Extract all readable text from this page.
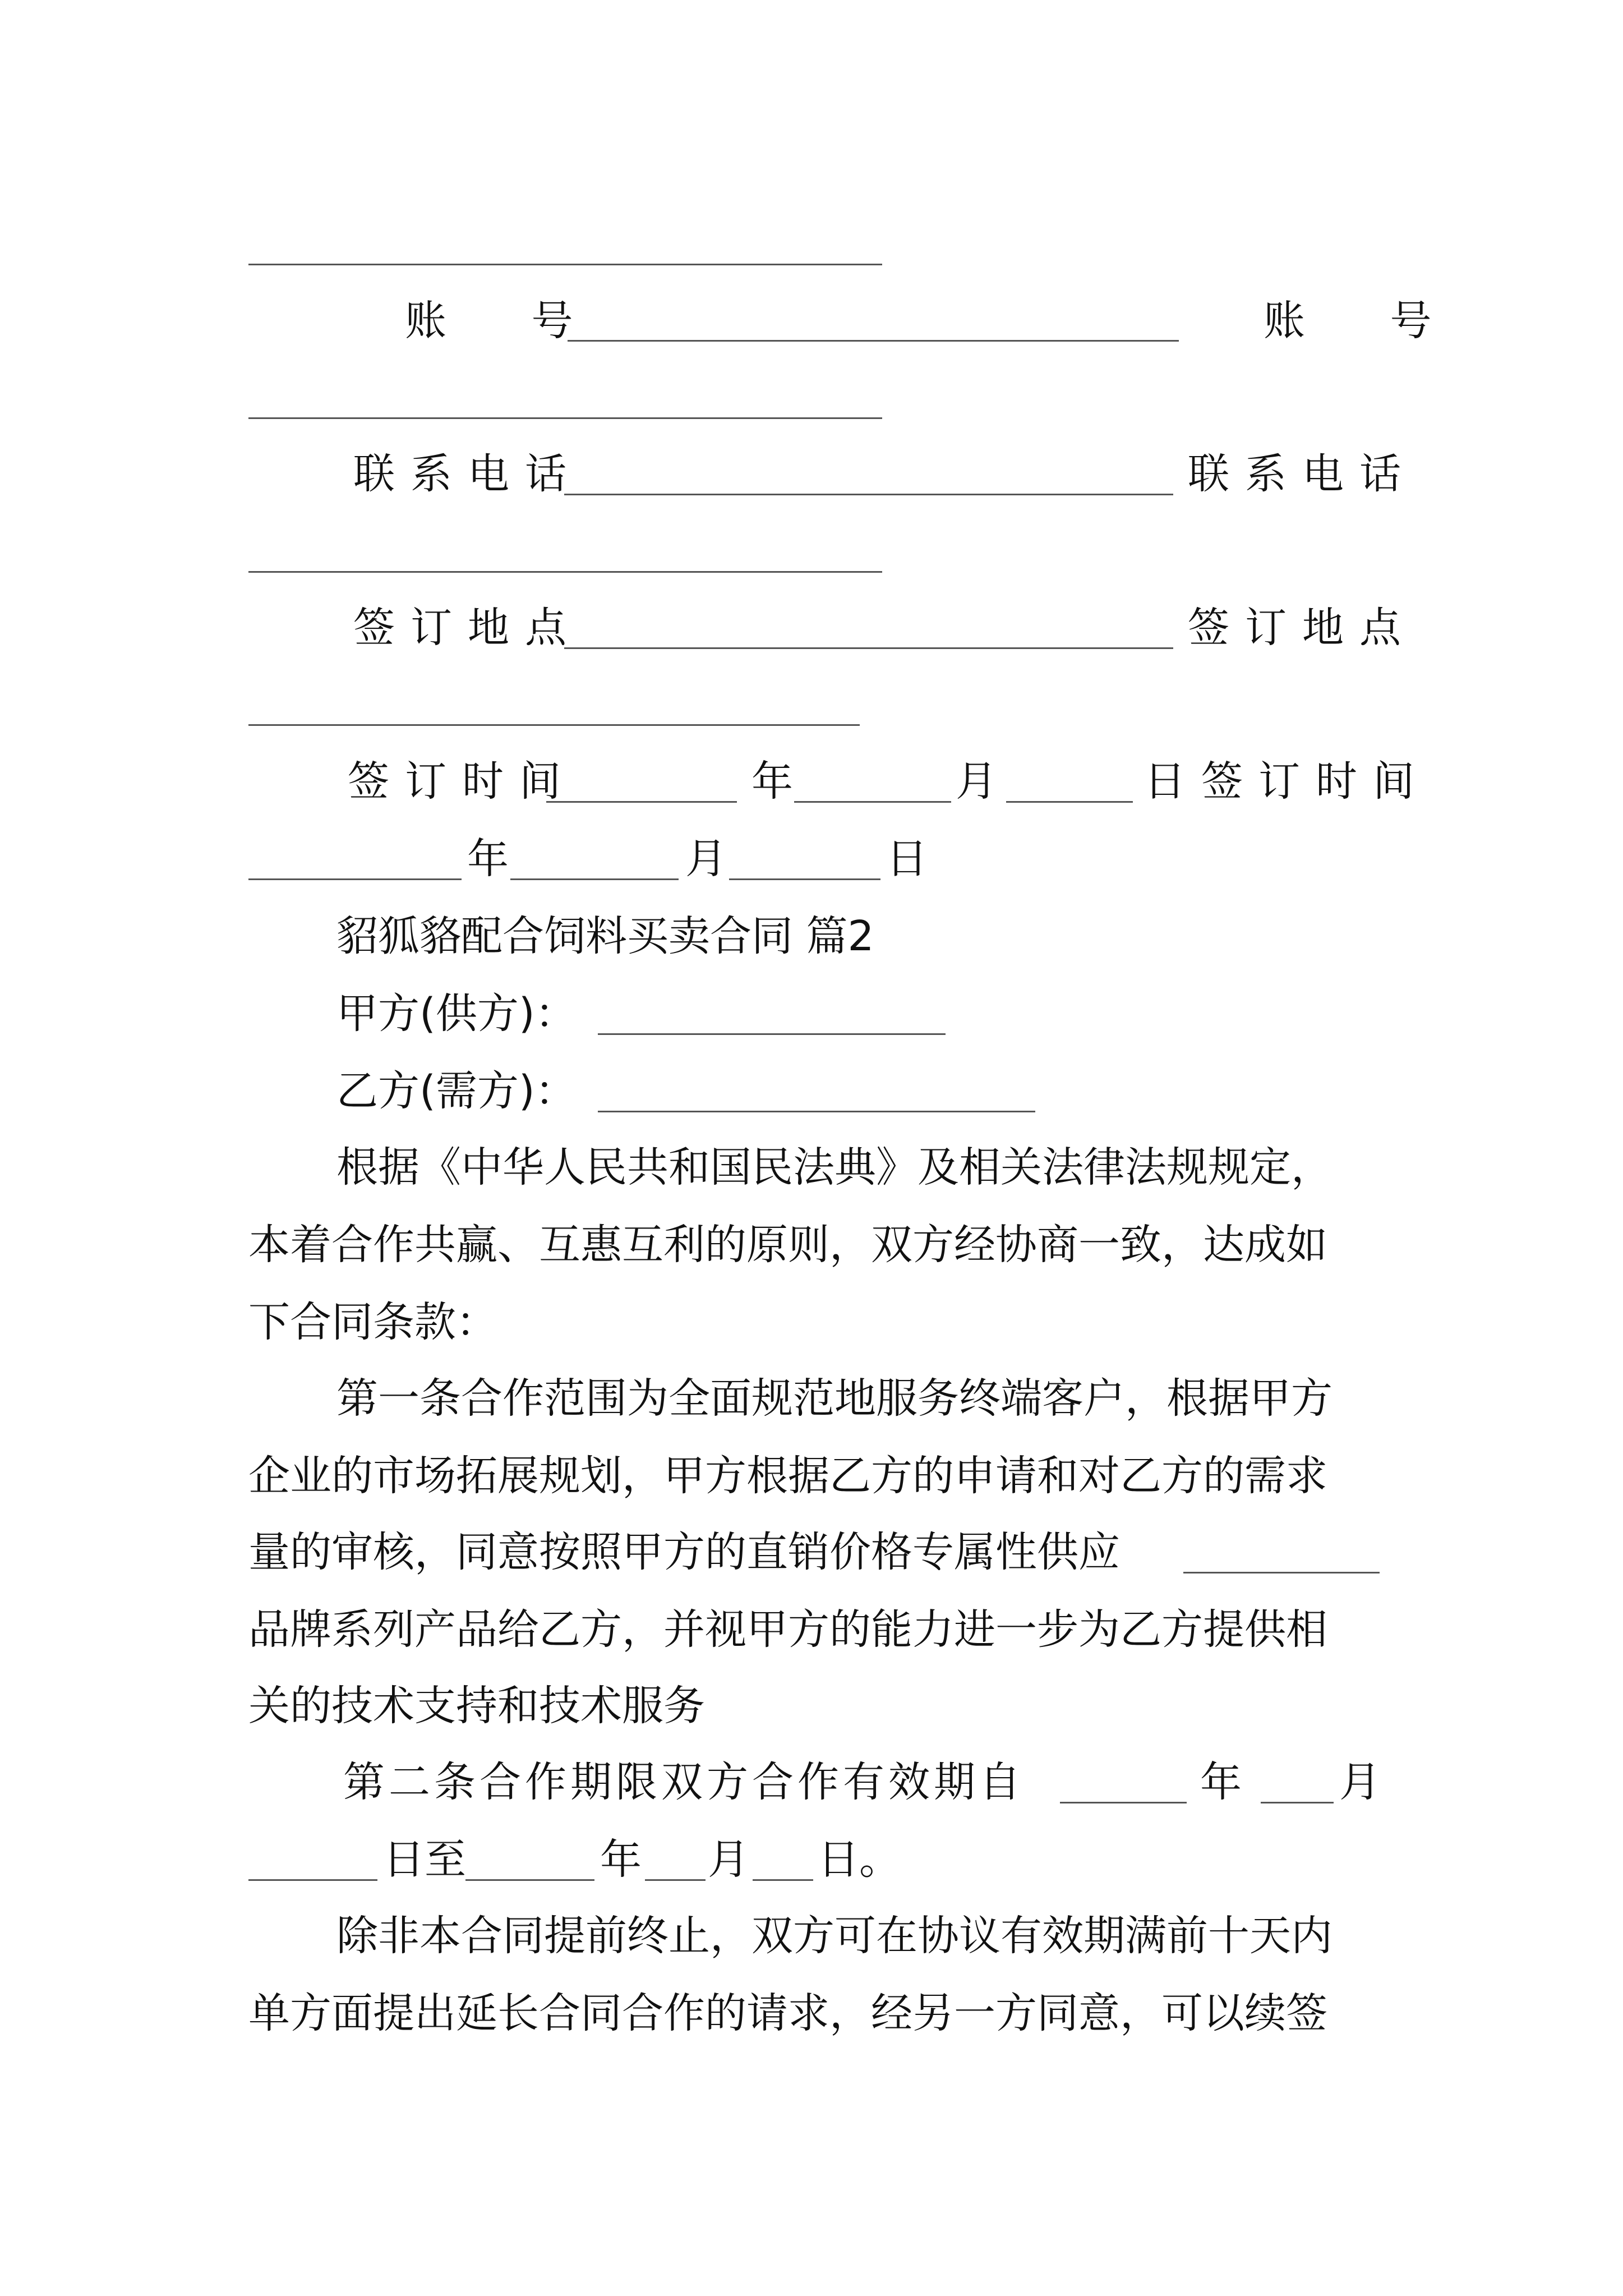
账 号	账 号
联系电话	联系电话
签订地点	签订地点
签订时间	年	月	日签订时间
年	月	日
貂狐貉配合饲料买卖合同 篇2
甲方(供方)：
乙方(需方)：
根据《中华人民共和国民法典》及相关法律法规规定，
本着合作共赢、互惠互利的原则，双方经协商一致，达成如
下合同条款：
第一条合作范围为全面规范地服务终端客户，根据甲方
企业的市场拓展规划，甲方根据乙方的申请和对乙方的需求
量的审核，同意按照甲方的直销价格专属性供应
品牌系列产品给乙方，并视甲方的能力进一步为乙方提供相
关的技术支持和技术服务
第二条合作期限双方合作有效期自	年 月
日至	年 月 日。
除非本合同提前终止，双方可在协议有效期满前十天内
单方面提出延长合同合作的请求，经另一方同意，可以续签
